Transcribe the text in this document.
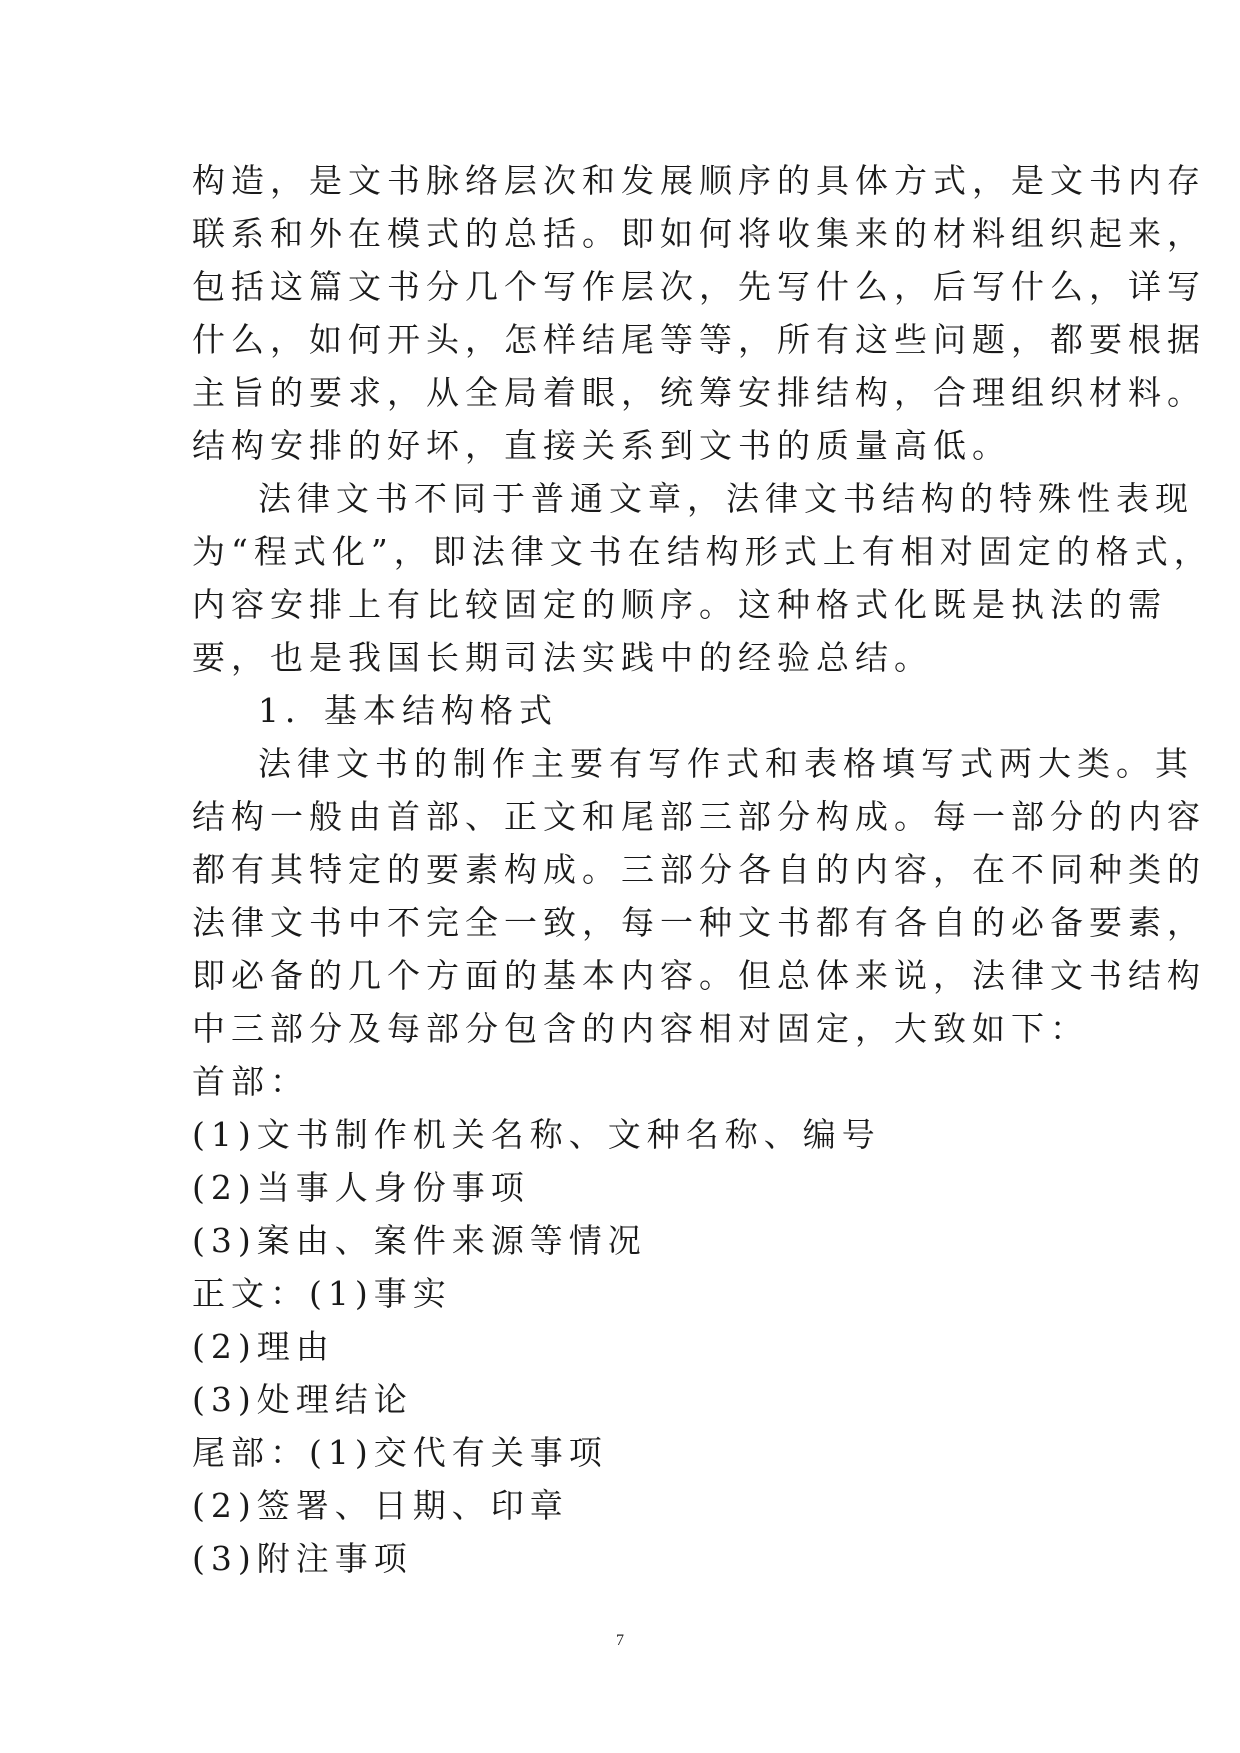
构造，是文书脉络层次和发展顺序的具体方式，是文书内存
联系和外在模式的总括。即如何将收集来的材料组织起来，
包括这篇文书分几个写作层次，先写什么，后写什么，详写
什么，如何开头，怎样结尾等等，所有这些问题，都要根据
主旨的要求，从全局着眼，统筹安排结构，合理组织材料。
结构安排的好坏，直接关系到文书的质量高低。
法律文书不同于普通文章，法律文书结构的特殊性表现
为“程式化”，即法律文书在结构形式上有相对固定的格式，
内容安排上有比较固定的顺序。这种格式化既是执法的需
要，也是我国长期司法实践中的经验总结。
1．基本结构格式
法律文书的制作主要有写作式和表格填写式两大类。其
结构一般由首部、正文和尾部三部分构成。每一部分的内容
都有其特定的要素构成。三部分各自的内容，在不同种类的
法律文书中不完全一致，每一种文书都有各自的必备要素，
即必备的几个方面的基本内容。但总体来说，法律文书结构
中三部分及每部分包含的内容相对固定，大致如下：
首部：
(1)文书制作机关名称、文种名称、编号
(2)当事人身份事项
(3)案由、案件来源等情况
正文：(1)事实
(2)理由
(3)处理结论
尾部：(1)交代有关事项
(2)签署、日期、印章
(3)附注事项
7
